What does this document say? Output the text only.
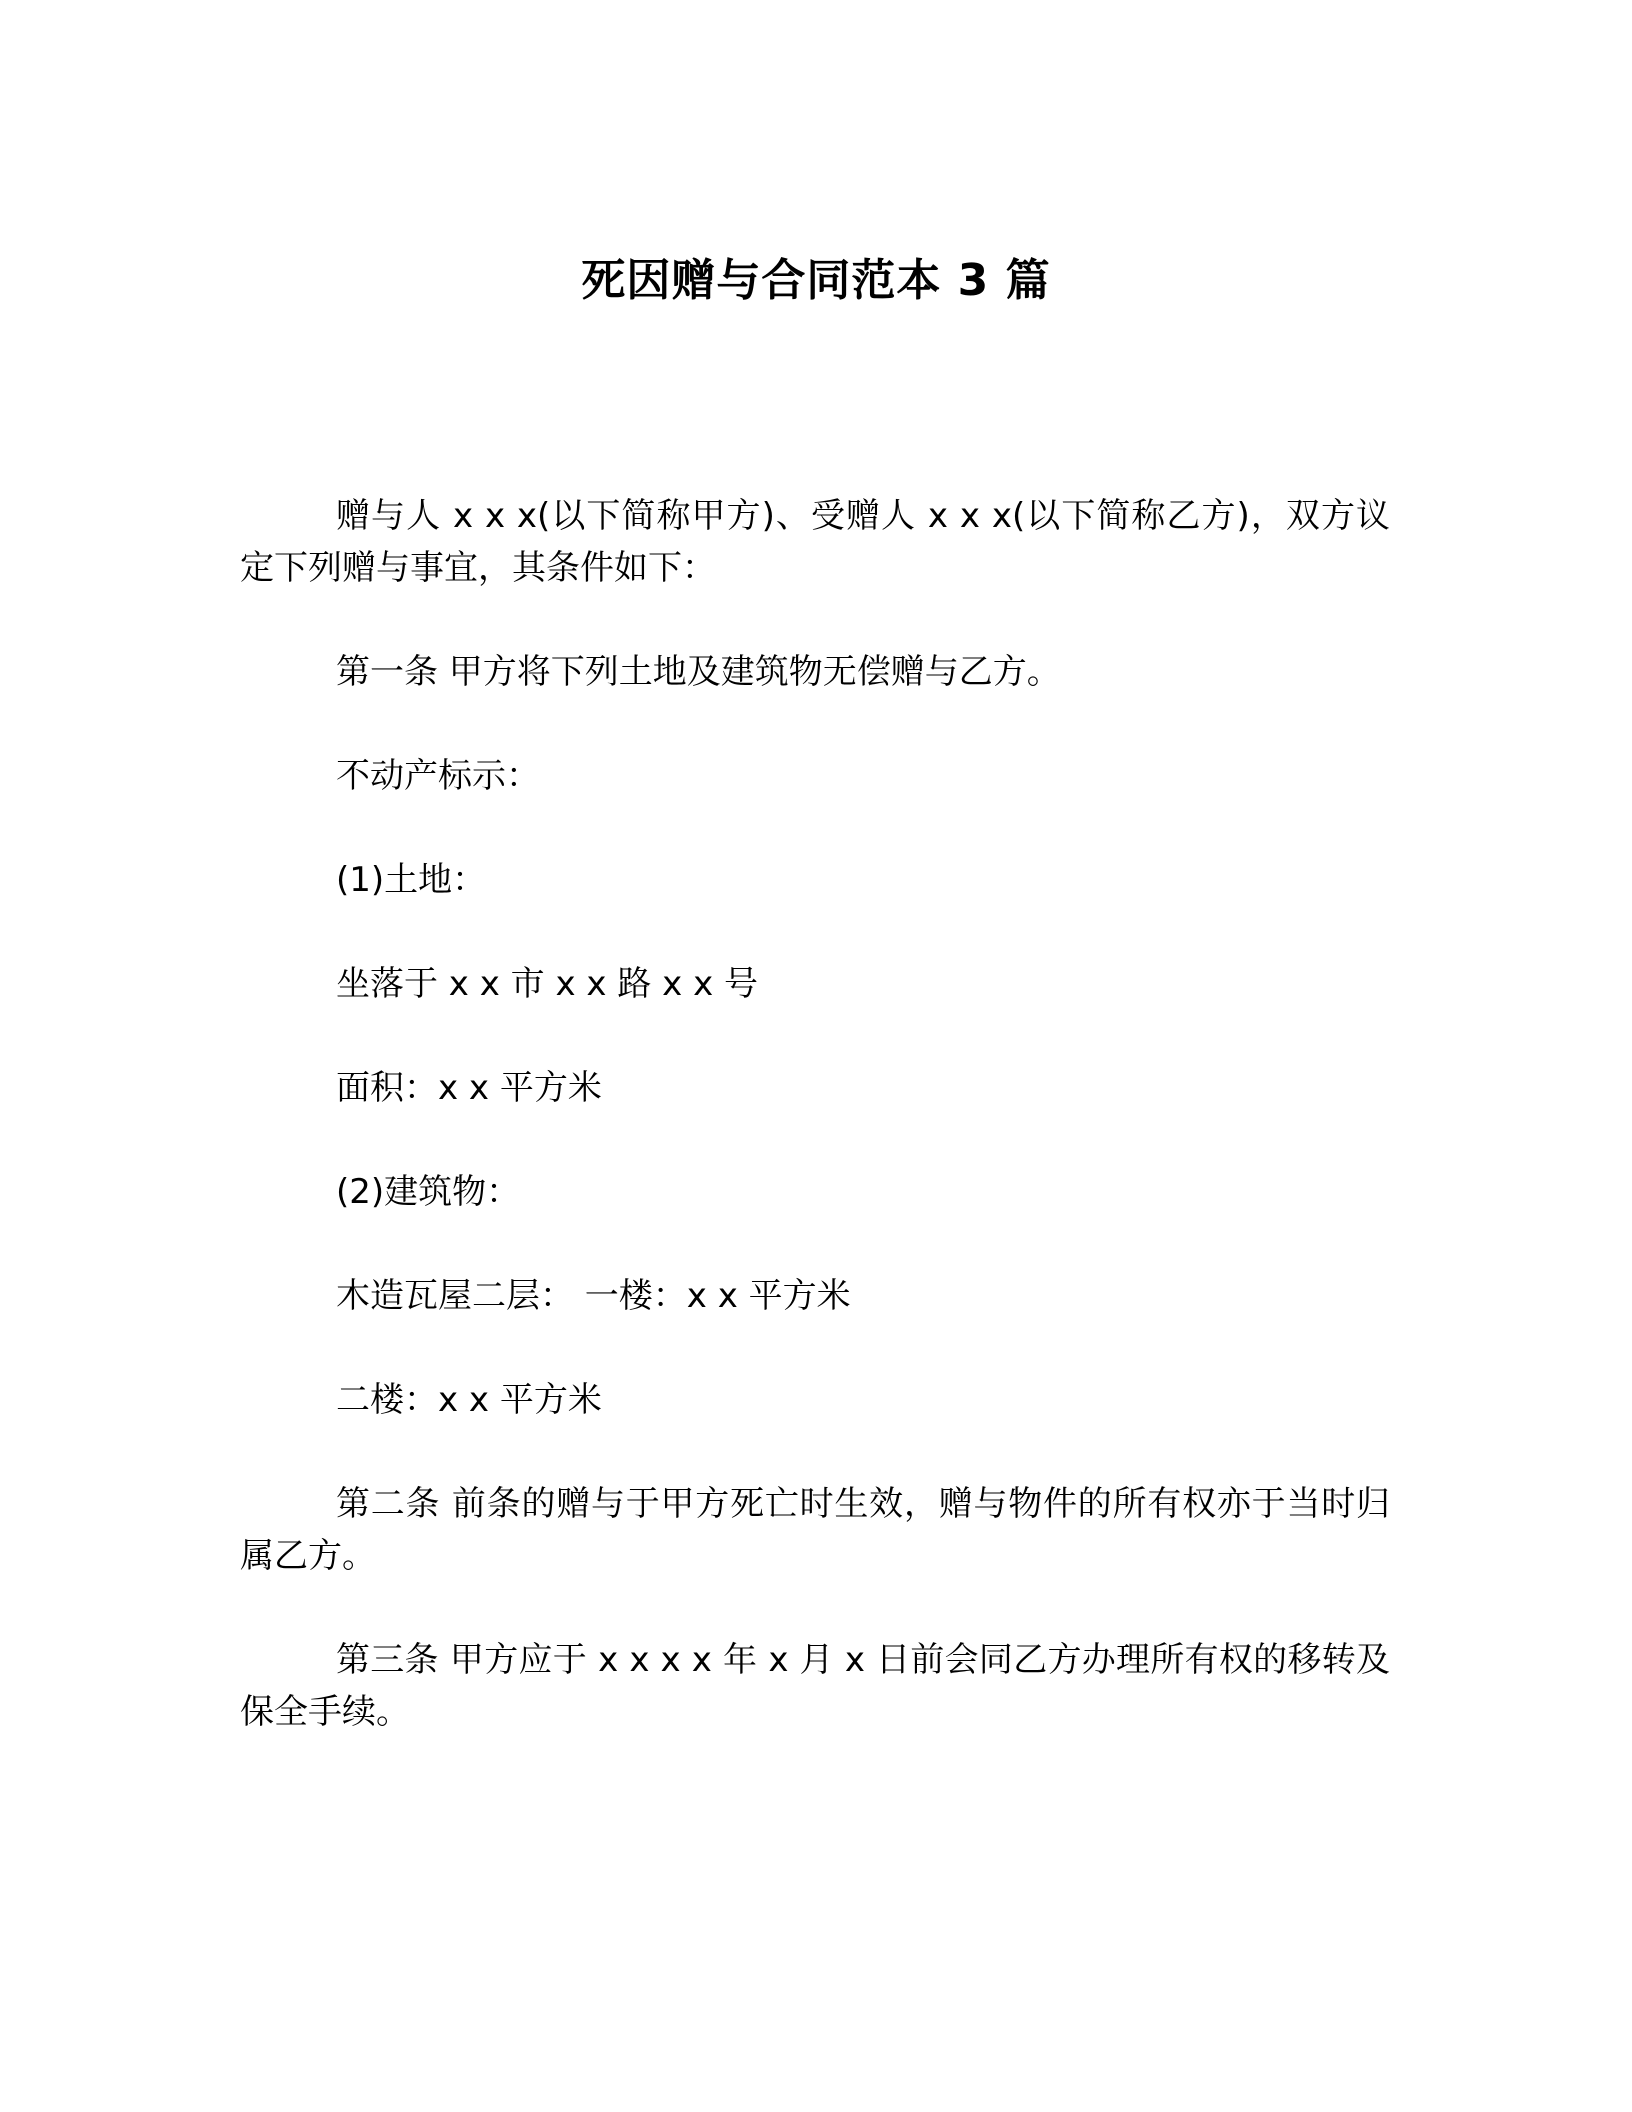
死因赠与合同范本 3 篇

赠与人 x x x(以下简称甲方)、受赠人 x x x(以下简称乙方)，双方议定下列赠与事宜，其条件如下：

第一条 甲方将下列土地及建筑物无偿赠与乙方。

不动产标示：

(1)土地：

坐落于 x x 市 x x 路 x x 号

面积：x x 平方米

(2)建筑物：

木造瓦屋二层： 一楼：x x 平方米

二楼：x x 平方米

第二条 前条的赠与于甲方死亡时生效，赠与物件的所有权亦于当时归属乙方。

第三条 甲方应于 x x x x 年 x 月 x 日前会同乙方办理所有权的移转及保全手续。
